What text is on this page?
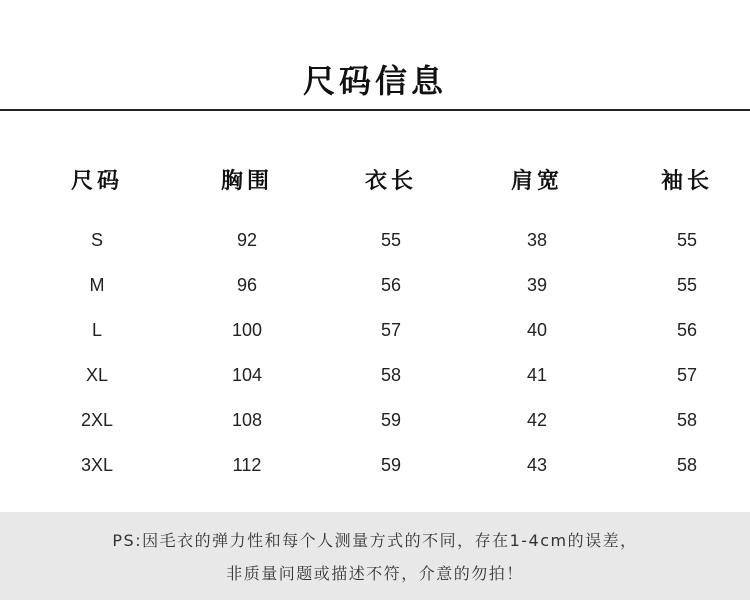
尺码信息
尺码	胸围	衣长	肩宽	袖长
S	92	55	38	55
M	96	56	39	55
L	100	57	40	56
XL	104	58	41	57
2XL	108	59	42	58
3XL	112	59	43	58
PS:因毛衣的弹力性和每个人测量方式的不同，存在1-4cm的误差，
非质量问题或描述不符，介意的勿拍！
